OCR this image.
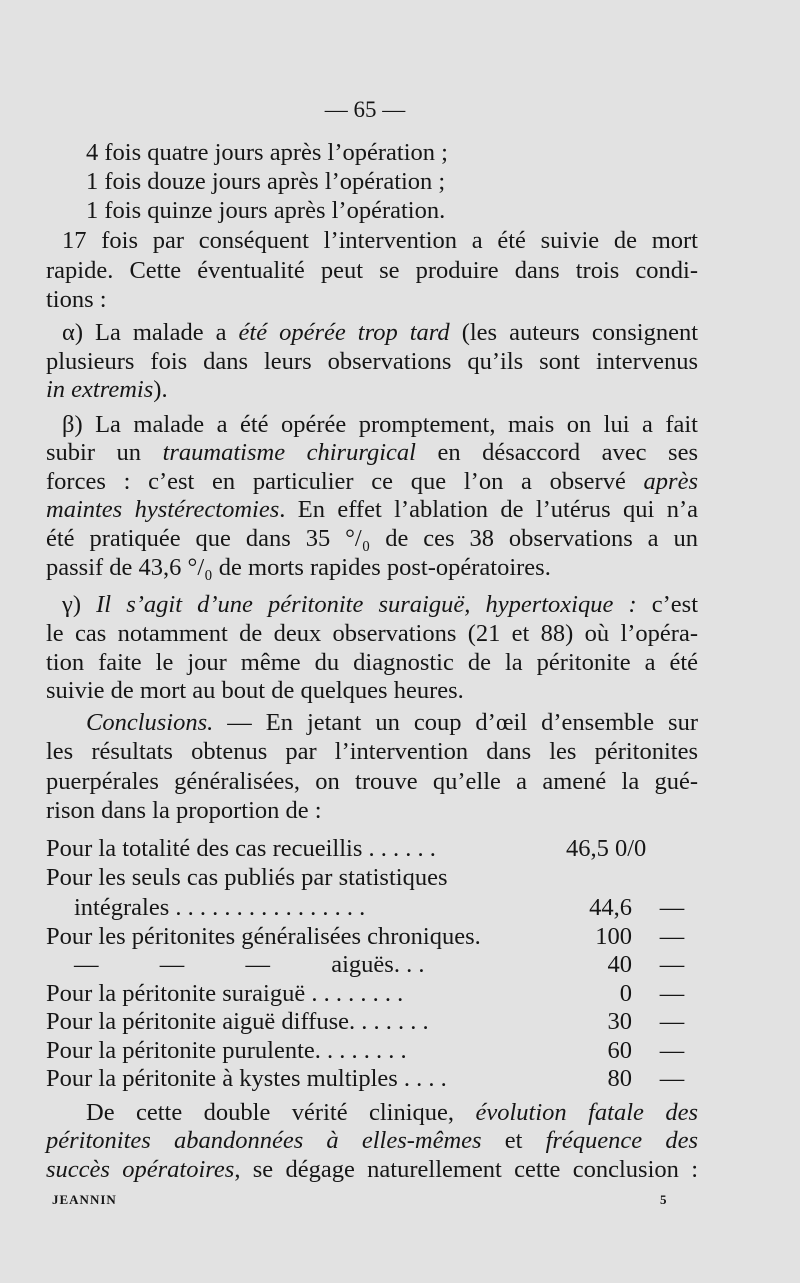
— 65 —
4 fois quatre jours après l’opération ;
1 fois douze jours après l’opération ;
1 fois quinze jours après l’opération.
17 fois par conséquent l’intervention a été suivie de mort
rapide. Cette éventualité peut se produire dans trois condi-
tions :
α) La malade a été opérée trop tard (les auteurs consignent
plusieurs fois dans leurs observations qu’ils sont intervenus
in extremis).
β) La malade a été opérée promptement, mais on lui a fait
subir un traumatisme chirurgical en désaccord avec ses
forces : c’est en particulier ce que l’on a observé après
maintes hystérectomies. En effet l’ablation de l’utérus qui n’a
été pratiquée que dans 35 °/₀ de ces 38 observations a un
passif de 43,6 °/₀ de morts rapides post-opératoires.
γ) Il s’agit d’une péritonite suraiguë, hypertoxique : c’est
le cas notamment de deux observations (21 et 88) où l’opéra-
tion faite le jour même du diagnostic de la péritonite a été
suivie de mort au bout de quelques heures.
Conclusions. — En jetant un coup d’œil d’ensemble sur
les résultats obtenus par l’intervention dans les péritonites
puerpérales généralisées, on trouve qu’elle a amené la gué-
rison dans la proportion de :
Pour la totalité des cas recueillis . . . . . .	46,5 0/0
Pour les seuls cas publiés par statistiques
intégrales . . . . . . . . . . . . . . . .	44,6	—
Pour les péritonites généralisées chroniques.	100	—
—          —          —          aiguës. . .	40	—
Pour la péritonite suraiguë . . . . . . . .	0	—
Pour la péritonite aiguë diffuse. . . . . . .	30	—
Pour la péritonite purulente. . . . . . . .	60	—
Pour la péritonite à kystes multiples . . . .	80	—
De cette double vérité clinique, évolution fatale des
péritonites abandonnées à elles-mêmes et fréquence des
succès opératoires, se dégage naturellement cette conclusion :
JEANNIN	5
